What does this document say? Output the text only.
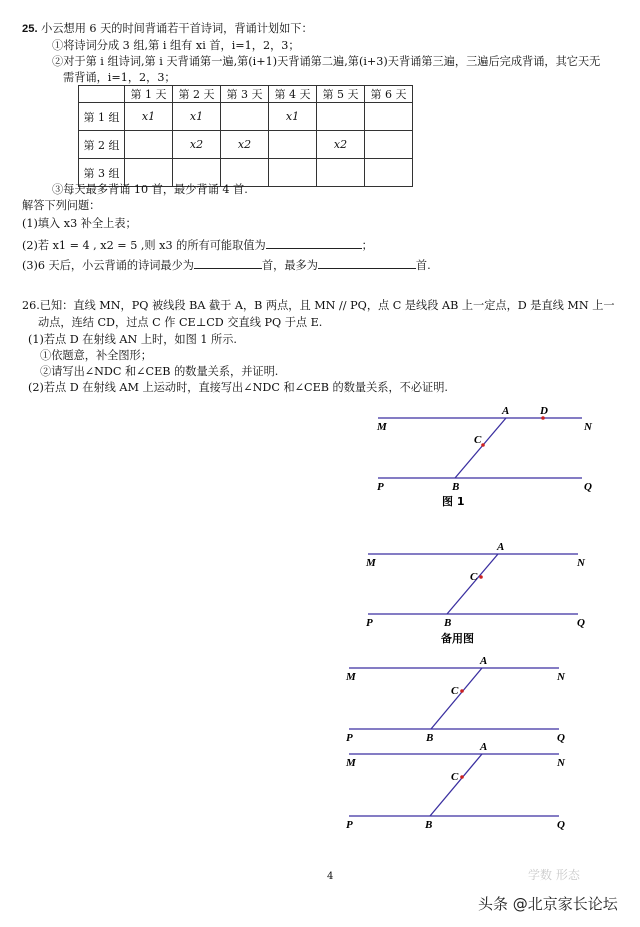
25. 小云想用 6 天的时间背诵若干首诗词，背诵计划如下：
①将诗词分成 3 组,第 i 组有 xi 首，i=1，2，3；
②对于第 i 组诗词,第 i 天背诵第一遍,第(i+1)天背诵第二遍,第(i+3)天背诵第三遍，三遍后完成背诵，其它天无
需背诵，i=1，2，3；
	第 1 天	第 2 天	第 3 天	第 4 天	第 5 天	第 6 天
第 1 组	x1	x1		x1		
第 2 组		x2	x2		x2	
第 3 组						
③每天最多背诵 10 首，最少背诵 4 首.
解答下列问题：
(1)填入 x3 补全上表；
(2)若 x1 = 4 , x2 = 5 ,则 x3 的所有可能取值为	；
(3)6 天后，小云背诵的诗词最少为	首，最多为	首.
26.已知：直线 MN，PQ 被线段 BA 截于 A，B 两点，且 MN // PQ，点 C 是线段 AB 上一定点，D 是直线 MN 上一
动点，连结 CD，过点 C 作 CE⊥CD 交直线 PQ 于点 E.
(1)若点 D 在射线 AN 上时，如图 1 所示.
①依题意，补全图形；
②请写出∠NDC 和∠CEB 的数量关系，并证明.
(2)若点 D 在射线 AM 上运动时，直接写出∠NDC 和∠CEB 的数量关系，不必证明.
M	N
A	D
C
B
P	Q
图 1
M	N
A
C
B
P	Q
备用图
M	N
A
C
B
P	Q
M	N
A
C
B
P	Q
4	学数 形态
头条 @北京家长论坛
